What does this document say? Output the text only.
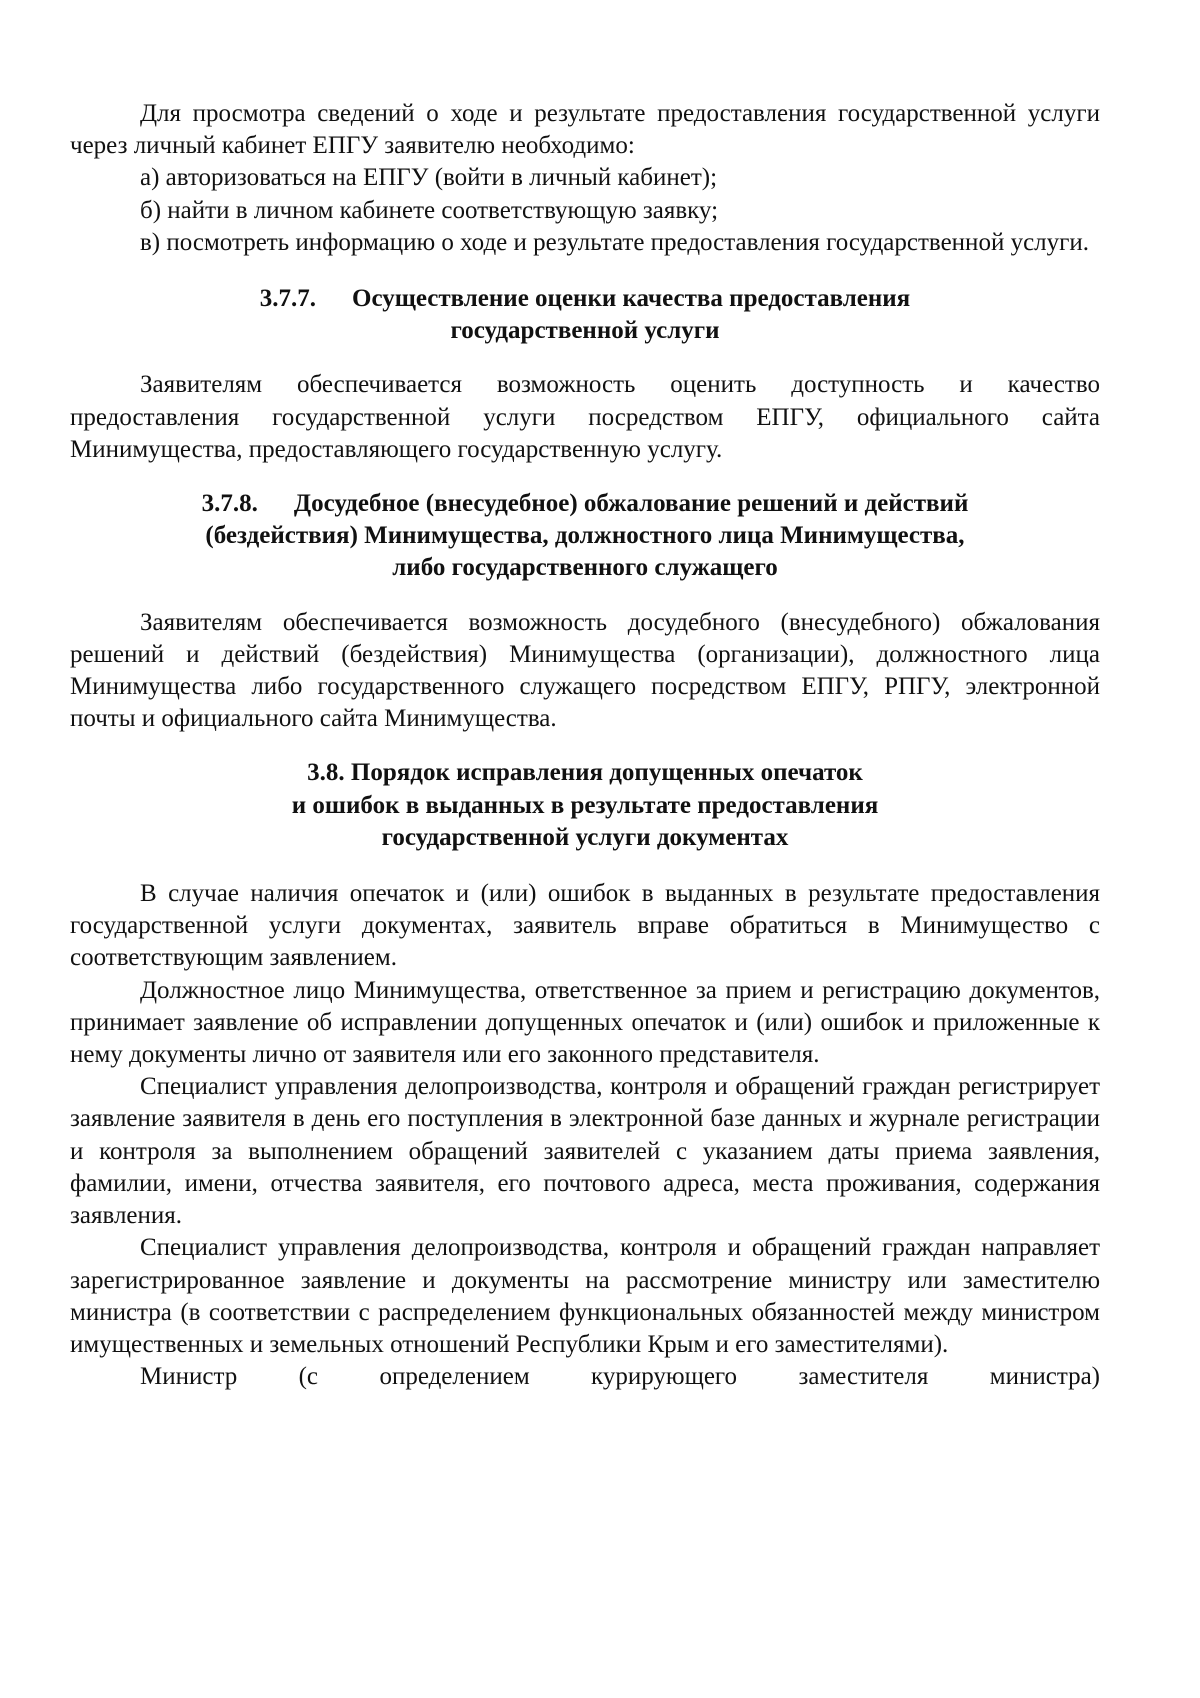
Для просмотра сведений о ходе и результате предоставления государственной услуги через личный кабинет ЕПГУ заявителю необходимо:

а) авторизоваться на ЕПГУ (войти в личный кабинет);

б) найти в личном кабинете соответствующую заявку;

в) посмотреть информацию о ходе и результате предоставления государственной услуги.

3.7.7. Осуществление оценки качества предоставления
государственной услуги

Заявителям обеспечивается возможность оценить доступность и качество предоставления государственной услуги посредством ЕПГУ, официального сайта Минимущества, предоставляющего государственную услугу.

3.7.8. Досудебное (внесудебное) обжалование решений и действий
(бездействия) Минимущества, должностного лица Минимущества,
либо государственного служащего

Заявителям обеспечивается возможность досудебного (внесудебного) обжалования решений и действий (бездействия) Минимущества (организации), должностного лица Минимущества либо государственного служащего посредством ЕПГУ, РПГУ, электронной почты и официального сайта Минимущества.

3.8. Порядок исправления допущенных опечаток
и ошибок в выданных в результате предоставления
государственной услуги документах

В случае наличия опечаток и (или) ошибок в выданных в результате предоставления государственной услуги документах, заявитель вправе обратиться в Минимущество с соответствующим заявлением.

Должностное лицо Минимущества, ответственное за прием и регистрацию документов, принимает заявление об исправлении допущенных опечаток и (или) ошибок и приложенные к нему документы лично от заявителя или его законного представителя.

Специалист управления делопроизводства, контроля и обращений граждан регистрирует заявление заявителя в день его поступления в электронной базе данных и журнале регистрации и контроля за выполнением обращений заявителей с указанием даты приема заявления, фамилии, имени, отчества заявителя, его почтового адреса, места проживания, содержания заявления.

Специалист управления делопроизводства, контроля и обращений граждан направляет зарегистрированное заявление и документы на рассмотрение министру или заместителю министра (в соответствии с распределением функциональных обязанностей между министром имущественных и земельных отношений Республики Крым и его заместителями).

Министр (с определением курирующего заместителя министра)
